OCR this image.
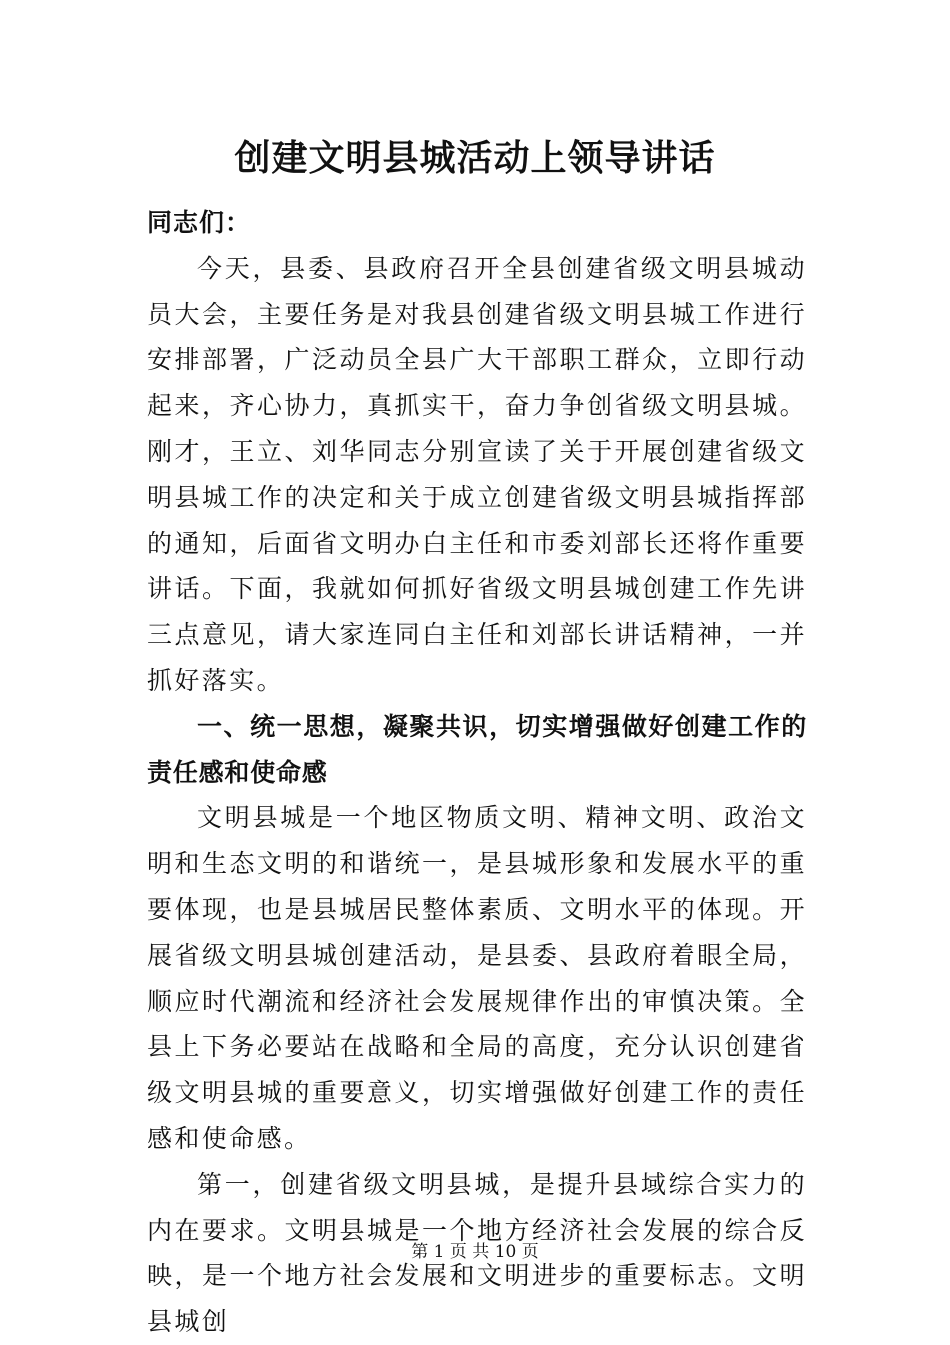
创建文明县城活动上领导讲话

同志们：

今天，县委、县政府召开全县创建省级文明县城动员大会，主要任务是对我县创建省级文明县城工作进行安排部署，广泛动员全县广大干部职工群众，立即行动起来，齐心协力，真抓实干，奋力争创省级文明县城。刚才，王立、刘华同志分别宣读了关于开展创建省级文明县城工作的决定和关于成立创建省级文明县城指挥部的通知，后面省文明办白主任和市委刘部长还将作重要讲话。下面，我就如何抓好省级文明县城创建工作先讲三点意见，请大家连同白主任和刘部长讲话精神，一并抓好落实。

一、统一思想，凝聚共识，切实增强做好创建工作的责任感和使命感

文明县城是一个地区物质文明、精神文明、政治文明和生态文明的和谐统一，是县城形象和发展水平的重要体现，也是县城居民整体素质、文明水平的体现。开展省级文明县城创建活动，是县委、县政府着眼全局，顺应时代潮流和经济社会发展规律作出的审慎决策。全县上下务必要站在战略和全局的高度，充分认识创建省级文明县城的重要意义，切实增强做好创建工作的责任感和使命感。

第一，创建省级文明县城，是提升县域综合实力的内在要求。文明县城是一个地方经济社会发展的综合反映，是一个地方社会发展和文明进步的重要标志。文明县城创

第 1 页 共 10 页
